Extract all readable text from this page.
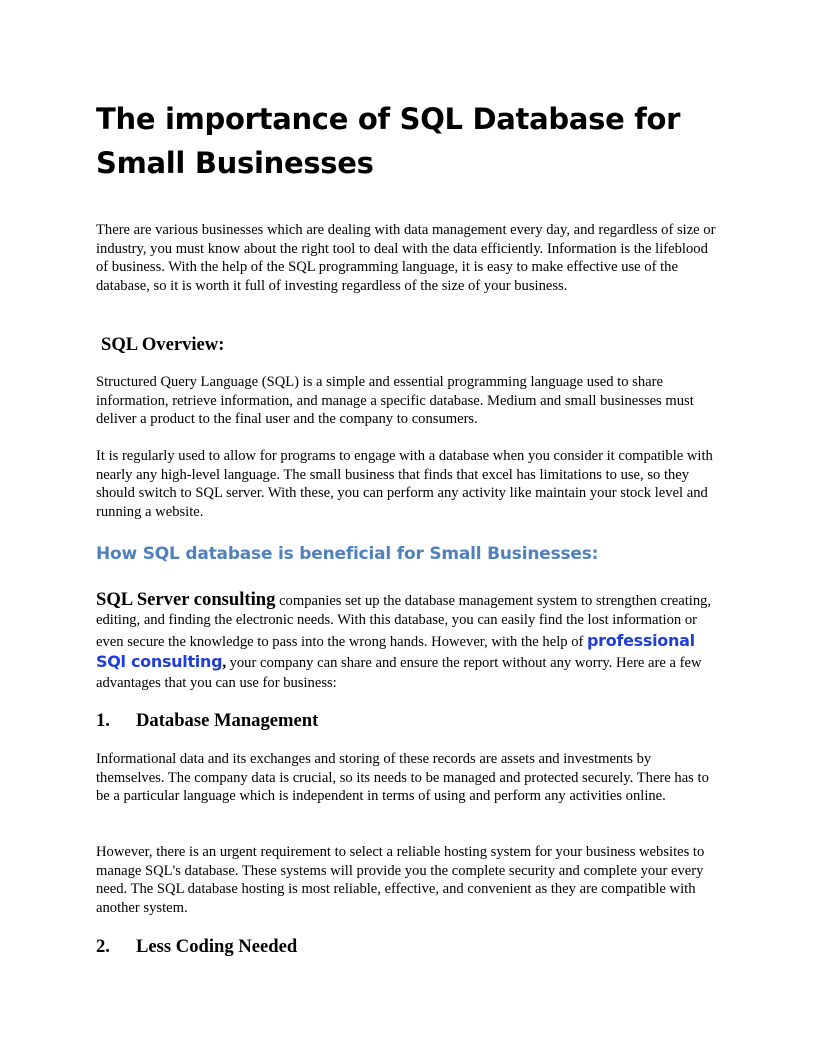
The importance of SQL Database for Small Businesses

There are various businesses which are dealing with data management every day, and regardless of size or industry, you must know about the right tool to deal with the data efficiently. Information is the lifeblood of business. With the help of the SQL programming language, it is easy to make effective use of the database, so it is worth it full of investing regardless of the size of your business.

SQL Overview:

Structured Query Language (SQL) is a simple and essential programming language used to share information, retrieve information, and manage a specific database. Medium and small businesses must deliver a product to the final user and the company to consumers.

It is regularly used to allow for programs to engage with a database when you consider it compatible with nearly any high-level language. The small business that finds that excel has limitations to use, so they should switch to SQL server. With these, you can perform any activity like maintain your stock level and running a website.

How SQL database is beneficial for Small Businesses:

SQL Server consulting companies set up the database management system to strengthen creating, editing, and finding the electronic needs. With this database, you can easily find the lost information or even secure the knowledge to pass into the wrong hands. However, with the help of professional SQl consulting, your company can share and ensure the report without any worry. Here are a few advantages that you can use for business:

1. Database Management

Informational data and its exchanges and storing of these records are assets and investments by themselves. The company data is crucial, so its needs to be managed and protected securely. There has to be a particular language which is independent in terms of using and perform any activities online.

However, there is an urgent requirement to select a reliable hosting system for your business websites to manage SQL's database. These systems will provide you the complete security and complete your every need. The SQL database hosting is most reliable, effective, and convenient as they are compatible with another system.

2. Less Coding Needed
